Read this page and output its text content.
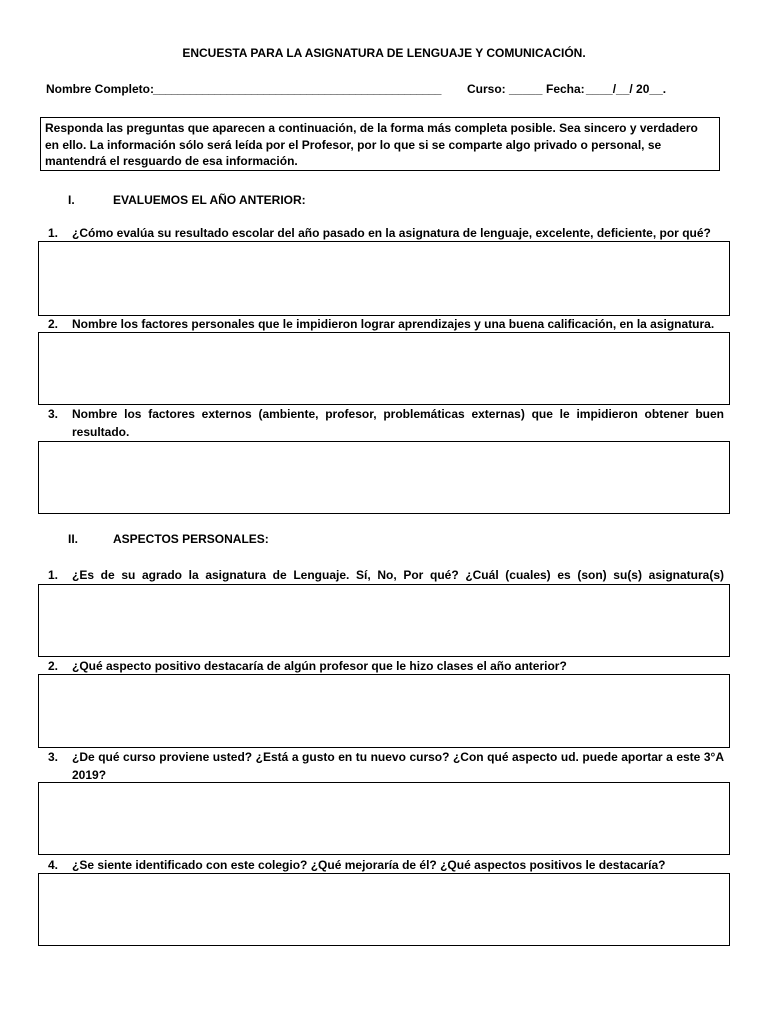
ENCUESTA PARA LA ASIGNATURA DE LENGUAJE Y COMUNICACIÓN.
Nombre Completo: _______________________________________________ Curso: _____ Fecha: ____/__/ 20__.
Responda las preguntas que aparecen a continuación, de la forma más completa posible. Sea sincero y verdadero en ello. La información sólo será leída por el Profesor, por lo que si se comparte algo privado o personal, se mantendrá el resguardo de esa información.
I.	EVALUEMOS EL AÑO ANTERIOR:
1. ¿Cómo evalúa su resultado escolar del año pasado en la asignatura de lenguaje, excelente, deficiente, por qué?
2. Nombre los factores personales que le impidieron lograr aprendizajes y una buena calificación, en la asignatura.
3. Nombre los factores externos (ambiente, profesor, problemáticas externas) que le impidieron obtener buen resultado.
II.	ASPECTOS PERSONALES:
1. ¿Es de su agrado la asignatura de Lenguaje. Sí, No, Por qué? ¿Cuál (cuales) es (son) su(s) asignatura(s)
2. ¿Qué aspecto positivo destacaría de algún profesor que le hizo clases el año anterior?
3. ¿De qué curso proviene usted? ¿Está a gusto en tu nuevo curso? ¿Con qué aspecto ud. puede aportar a este 3°A 2019?
4. ¿Se siente identificado con este colegio? ¿Qué mejoraría de él? ¿Qué aspectos positivos le destacaría?
